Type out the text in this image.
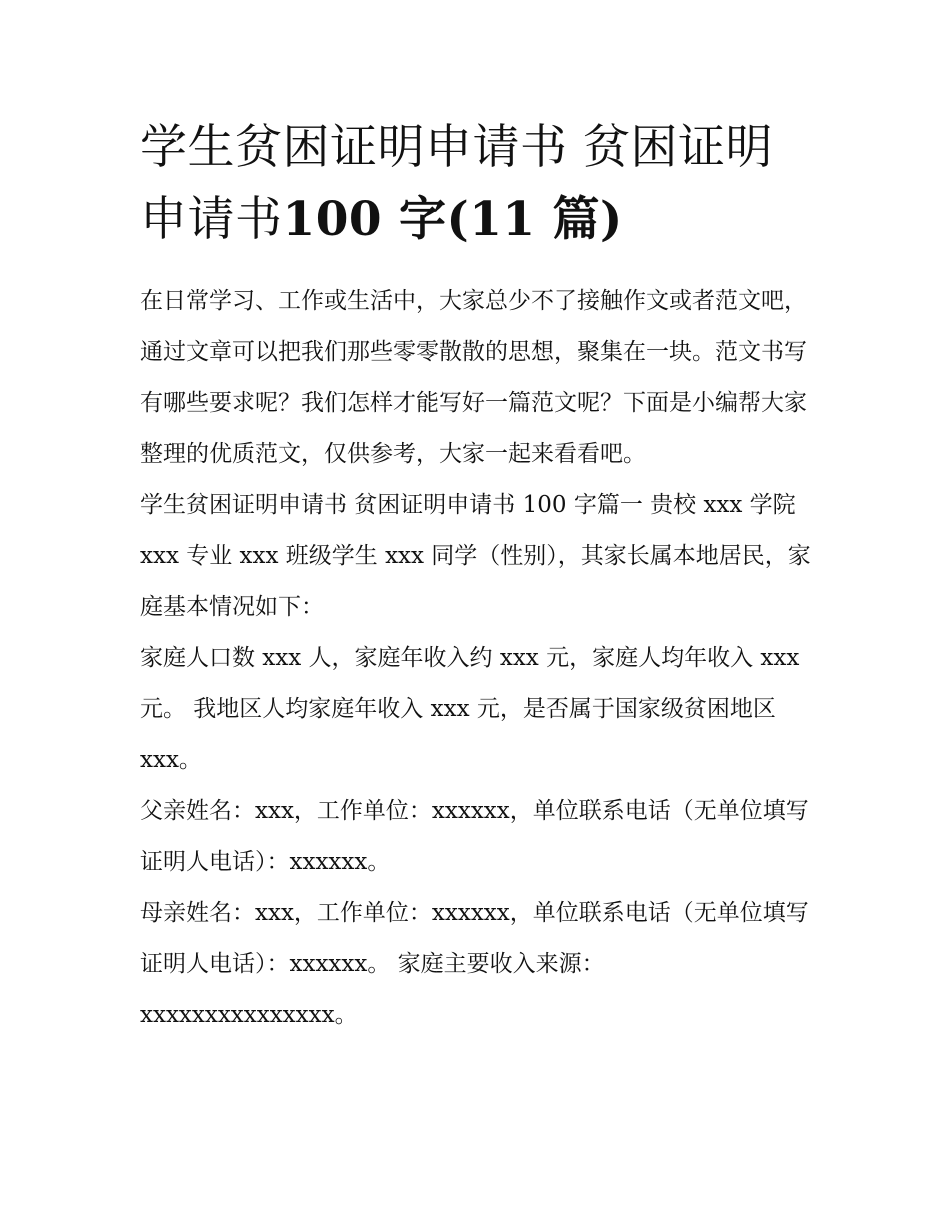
学生贫困证明申请书 贫困证明
申请书100 字(11 篇)

在日常学习、工作或生活中，大家总少不了接触作文或者范文吧，通过文章可以把我们那些零零散散的思想，聚集在一块。范文书写有哪些要求呢？我们怎样才能写好一篇范文呢？下面是小编帮大家整理的优质范文，仅供参考，大家一起来看看吧。

学生贫困证明申请书 贫困证明申请书 100 字篇一 贵校 xxx 学院 xxx 专业 xxx 班级学生 xxx 同学（性别），其家长属本地居民，家庭基本情况如下：

家庭人口数 xxx 人，家庭年收入约 xxx 元，家庭人均年收入 xxx 元。 我地区人均家庭年收入 xxx 元，是否属于国家级贫困地区 xxx。

父亲姓名：xxx，工作单位：xxxxxx，单位联系电话（无单位填写证明人电话）：xxxxxx。

母亲姓名：xxx，工作单位：xxxxxx，单位联系电话（无单位填写证明人电话）：xxxxxx。 家庭主要收入来源：xxxxxxxxxxxxxxx。
